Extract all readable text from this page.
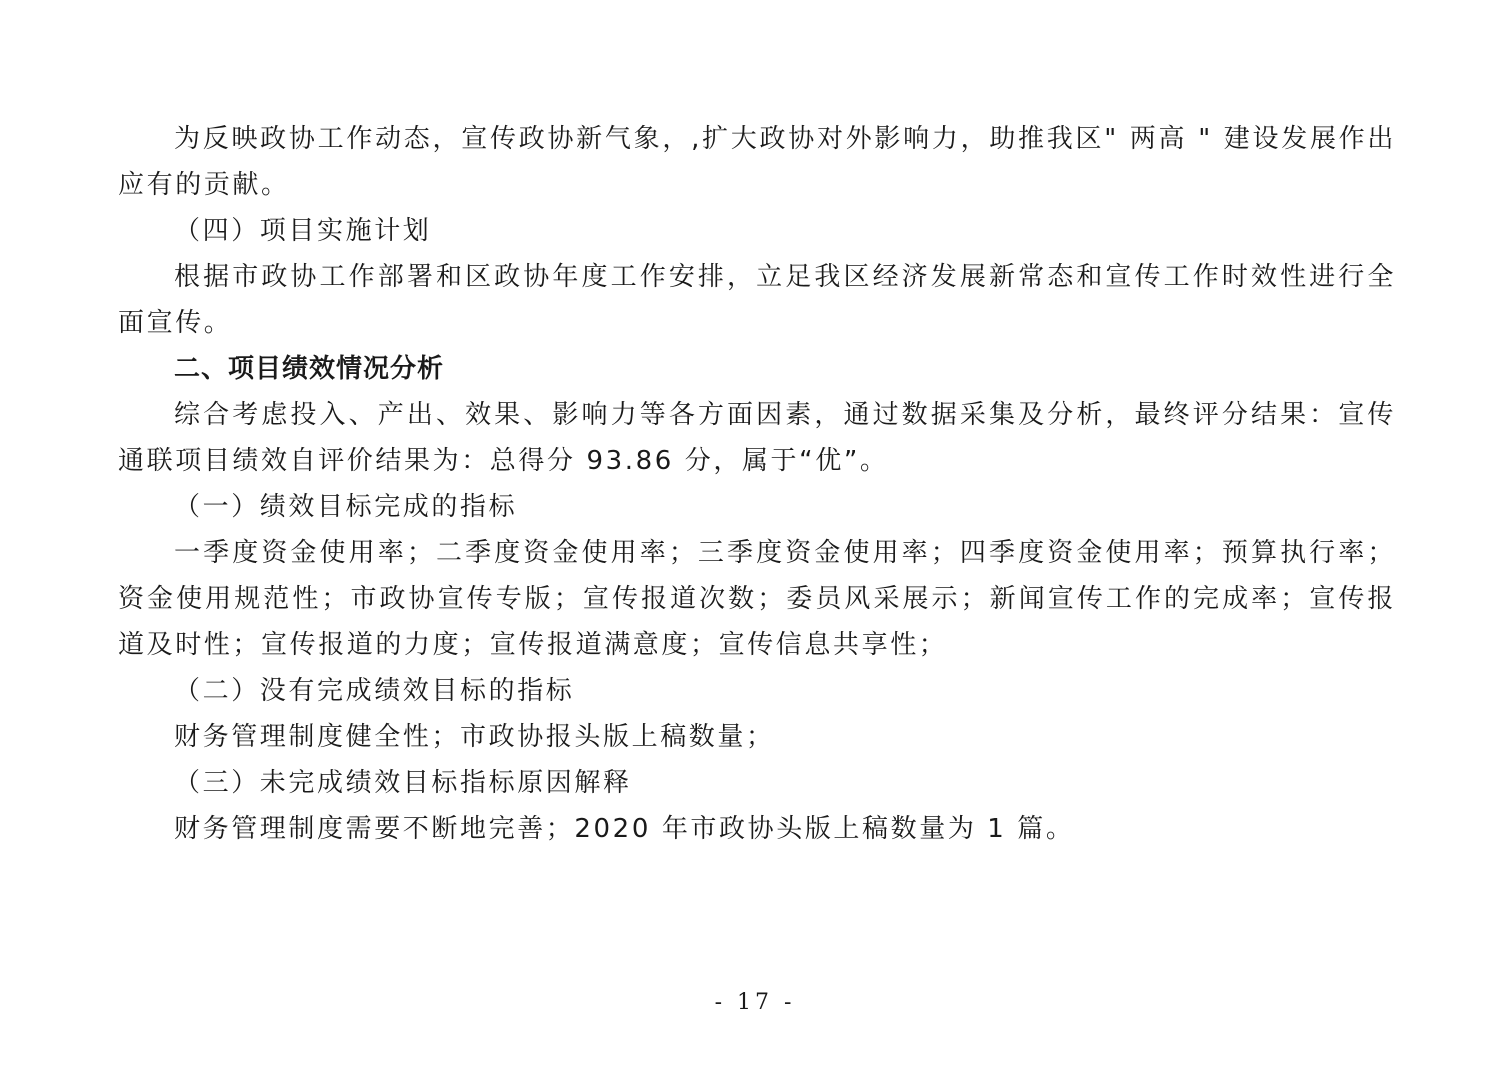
为反映政协工作动态，宣传政协新气象，,扩大政协对外影响力，助推我区" 两高 " 建设发展作出应有的贡献。

（四）项目实施计划

根据市政协工作部署和区政协年度工作安排，立足我区经济发展新常态和宣传工作时效性进行全面宣传。

二、项目绩效情况分析

综合考虑投入、产出、效果、影响力等各方面因素，通过数据采集及分析，最终评分结果：宣传通联项目绩效自评价结果为：总得分 93.86 分，属于“优”。

（一）绩效目标完成的指标

一季度资金使用率；二季度资金使用率；三季度资金使用率；四季度资金使用率；预算执行率；资金使用规范性；市政协宣传专版；宣传报道次数；委员风采展示；新闻宣传工作的完成率；宣传报道及时性；宣传报道的力度；宣传报道满意度；宣传信息共享性；

（二）没有完成绩效目标的指标

财务管理制度健全性；市政协报头版上稿数量；

（三）未完成绩效目标指标原因解释

财务管理制度需要不断地完善；2020 年市政协头版上稿数量为 1 篇。

- 17 -
